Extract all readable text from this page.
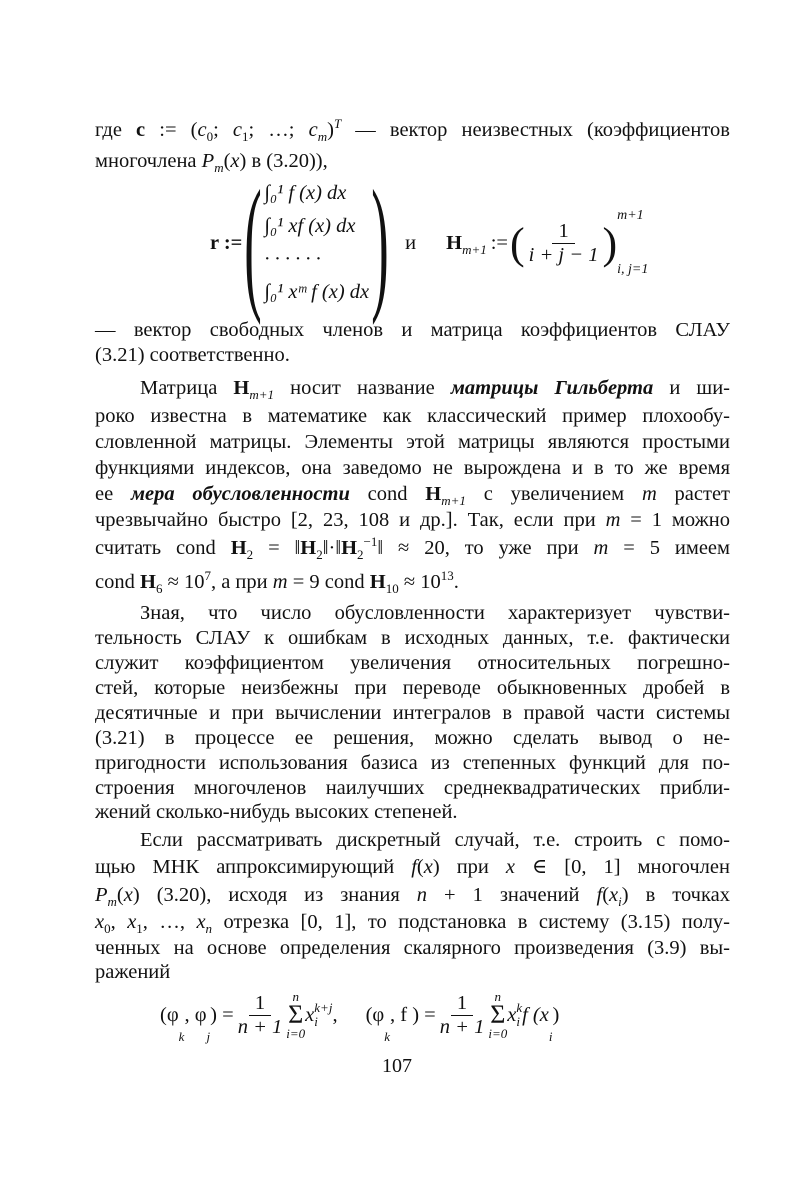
где c := ($c_0$; $c_1$; …; $c_m)^T$ — вектор неизвестных (коэффициентов
многочлена $P_m(x)$ в (3.20)),
— вектор свободных членов и матрица коэффициентов СЛАУ
(3.21) соответственно.
Матрица $H_{m+1}$ носит название матрицы Гильберта и ши-
роко известна в математике как классический пример плохообу-
словленной матрицы. Элементы этой матрицы являются простыми
функциями индексов, она заведомо не вырождена и в то же время
ее мера обусловленности cond $H_{m+1}$ с увеличением m растет
чрезвычайно быстро [2, 23, 108 и др.]. Так, если при m = 1 можно
считать cond $H_2$ = $‖H_2‖\cdot‖H_2^{-1}‖ \approx 20$, то уже при m = 5 имеем
cond $H_6 \approx 10^7$, а при m = 9 cond $H_{10} \approx 10^{13}$.
Зная, что число обусловленности характеризует чувстви-
тельность СЛАУ к ошибкам в исходных данных, т.е. фактически
служит коэффициентом увеличения относительных погрешно-
стей, которые неизбежны при переводе обыкновенных дробей в
десятичные и при вычислении интегралов в правой части системы
(3.21) в процессе ее решения, можно сделать вывод о не-
пригодности использования базиса из степенных функций для по-
строения многочленов наилучших среднеквадратических прибли-
жений сколько-нибудь высоких степеней.
Если рассматривать дискретный случай, т.е. строить с помо-
щью МНК аппроксимирующий f(x) при x ∈ [0, 1] многочлен
$P_m(x)$ (3.20), исходя из знания n + 1 значений $f(x_i)$ в точках
$x_0$, $x_1$, …, $x_n$ отрезка [0, 1], то подстановка в систему (3.15) полу-
ченных на основе определения скалярного произведения (3.9) вы-
ражений
r := ( ∫₀¹ f (x) dx
∫₀¹ xf (x) dx
· · · · · ·
∫₀¹ xᵐ f (x) dx ) и $H_{m+1}$ := ( $\frac{1}{i + j - 1}$ )
m+1
i, j=1
(φ
k
, φ
j
) = $\frac{1}{n + 1}$ n
Σ
i=0
x k+j
i , (φ
k
, f ) = $\frac{1}{n + 1}$ n
Σ
i=0
x k
i f (x
i
)
107
